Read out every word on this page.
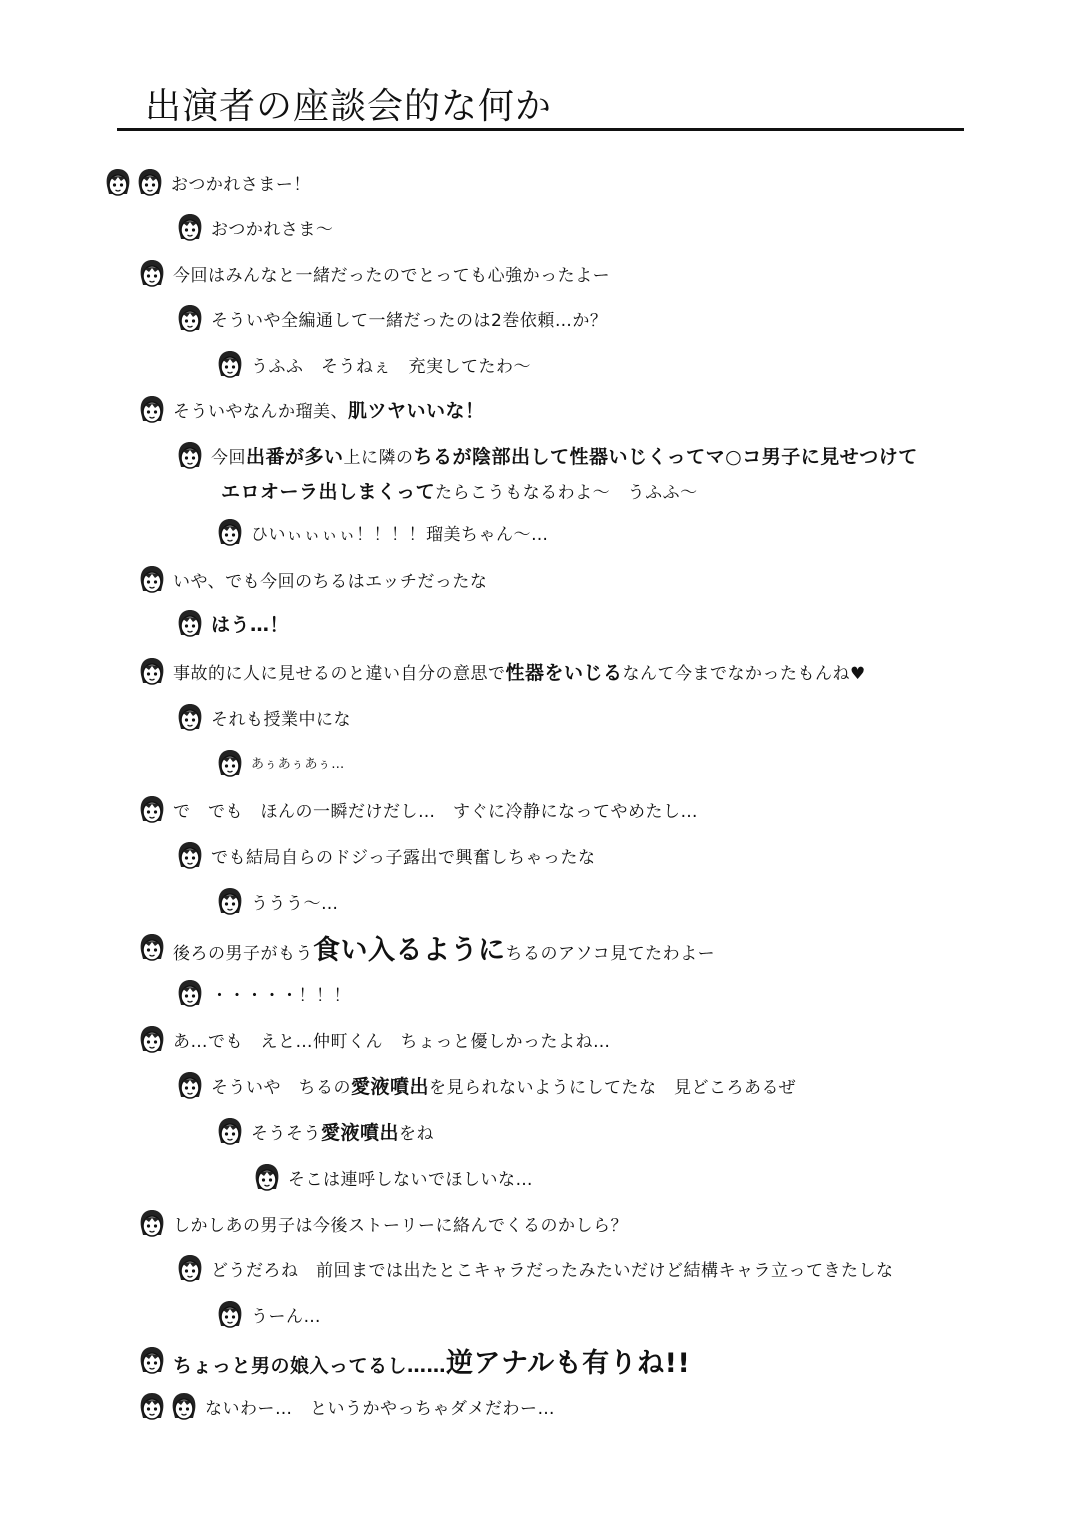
出演者の座談会的な何か
おつかれさまー！
おつかれさま〜
今回はみんなと一緒だったのでとっても心強かったよー
そういや全編通して一緒だったのは2巻依頼…か？
うふふ　そうねぇ　充実してたわ〜
そういやなんか瑠美、肌ツヤいいな！
今回出番が多い上に隣のちるが陰部出して性器いじくってマ○コ男子に見せつけて
エロオーラ出しまくってたらこうもなるわよ〜　うふふ〜
ひいぃぃぃぃ！！！！瑠美ちゃん〜…
いや、でも今回のちるはエッチだったな
はう…！
事故的に人に見せるのと違い自分の意思で性器をいじるなんて今までなかったもんね♥
それも授業中にな
あぅあぅあぅ…
で　でも　ほんの一瞬だけだし…　すぐに冷静になってやめたし…
でも結局自らのドジっ子露出で興奮しちゃったな
ううう〜…
後ろの男子がもう食い入るようにちるのアソコ見てたわよー
・・・・・！！！
あ…でも　えと…仲町くん　ちょっと優しかったよね…
そういや　ちるの愛液噴出を見られないようにしてたな　見どころあるぜ
そうそう愛液噴出をね
そこは連呼しないでほしいな…
しかしあの男子は今後ストーリーに絡んでくるのかしら？
どうだろね　前回までは出たとこキャラだったみたいだけど結構キャラ立ってきたしな
うーん…
ちょっと男の娘入ってるし……逆アナルも有りね!!
ないわー…　というかやっちゃダメだわー…
